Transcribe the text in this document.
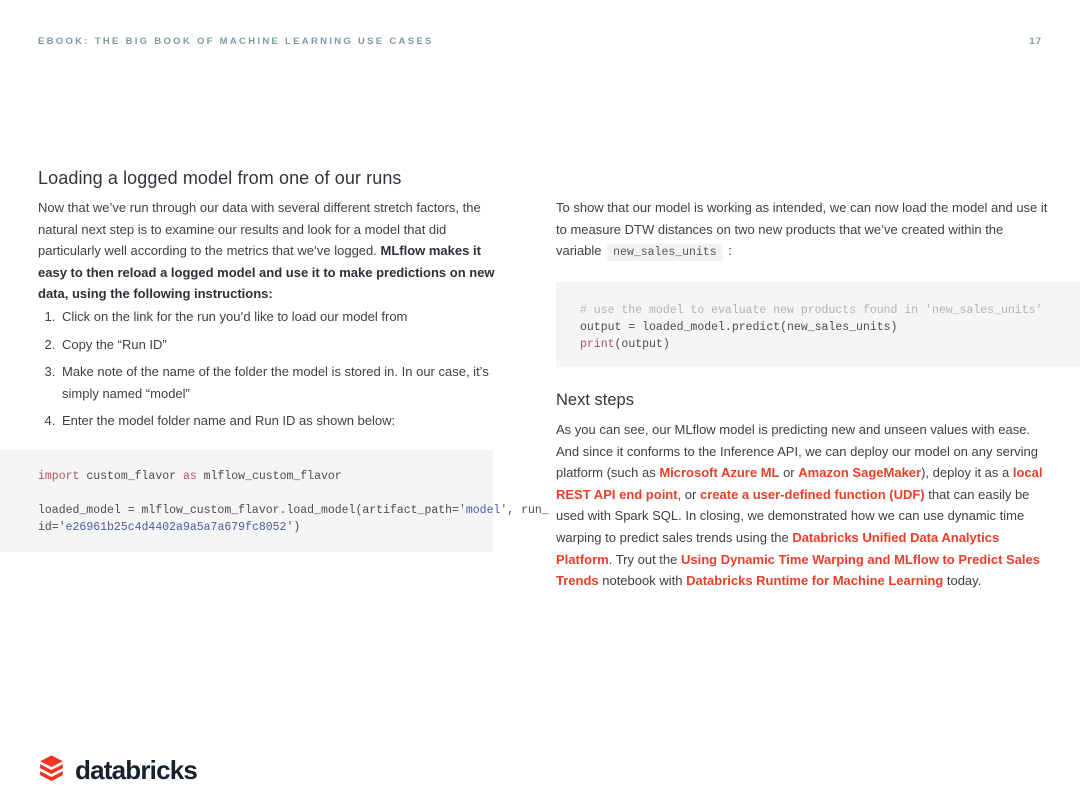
EBOOK: THE BIG BOOK OF MACHINE LEARNING USE CASES	17
Loading a logged model from one of our runs

Now that we’ve run through our data with several different stretch factors, the natural next step is to examine our results and look for a model that did particularly well according to the metrics that we’ve logged. MLflow makes it easy to then reload a logged model and use it to make predictions on new data, using the following instructions:

1. Click on the link for the run you’d like to load our model from
2. Copy the “Run ID”
3. Make note of the name of the folder the model is stored in. In our case, it’s simply named “model”
4. Enter the model folder name and Run ID as shown below:
import custom_flavor as mlflow_custom_flavor

loaded_model = mlflow_custom_flavor.load_model(artifact_path='model', run_
id='e26961b25c4d4402a9a5a7a679fc8052')

To show that our model is working as intended, we can now load the model and use it to measure DTW distances on two new products that we’ve created within the variable new_sales_units :

# use the model to evaluate new products found in 'new_sales_units'
output = loaded_model.predict(new_sales_units)
print(output)
Next steps

As you can see, our MLflow model is predicting new and unseen values with ease. And since it conforms to the Inference API, we can deploy our model on any serving platform (such as Microsoft Azure ML or Amazon SageMaker), deploy it as a local REST API end point, or create a user-defined function (UDF) that can easily be used with Spark SQL. In closing, we demonstrated how we can use dynamic time warping to predict sales trends using the Databricks Unified Data Analytics Platform. Try out the Using Dynamic Time Warping and MLflow to Predict Sales Trends notebook with Databricks Runtime for Machine Learning today.

databricks
